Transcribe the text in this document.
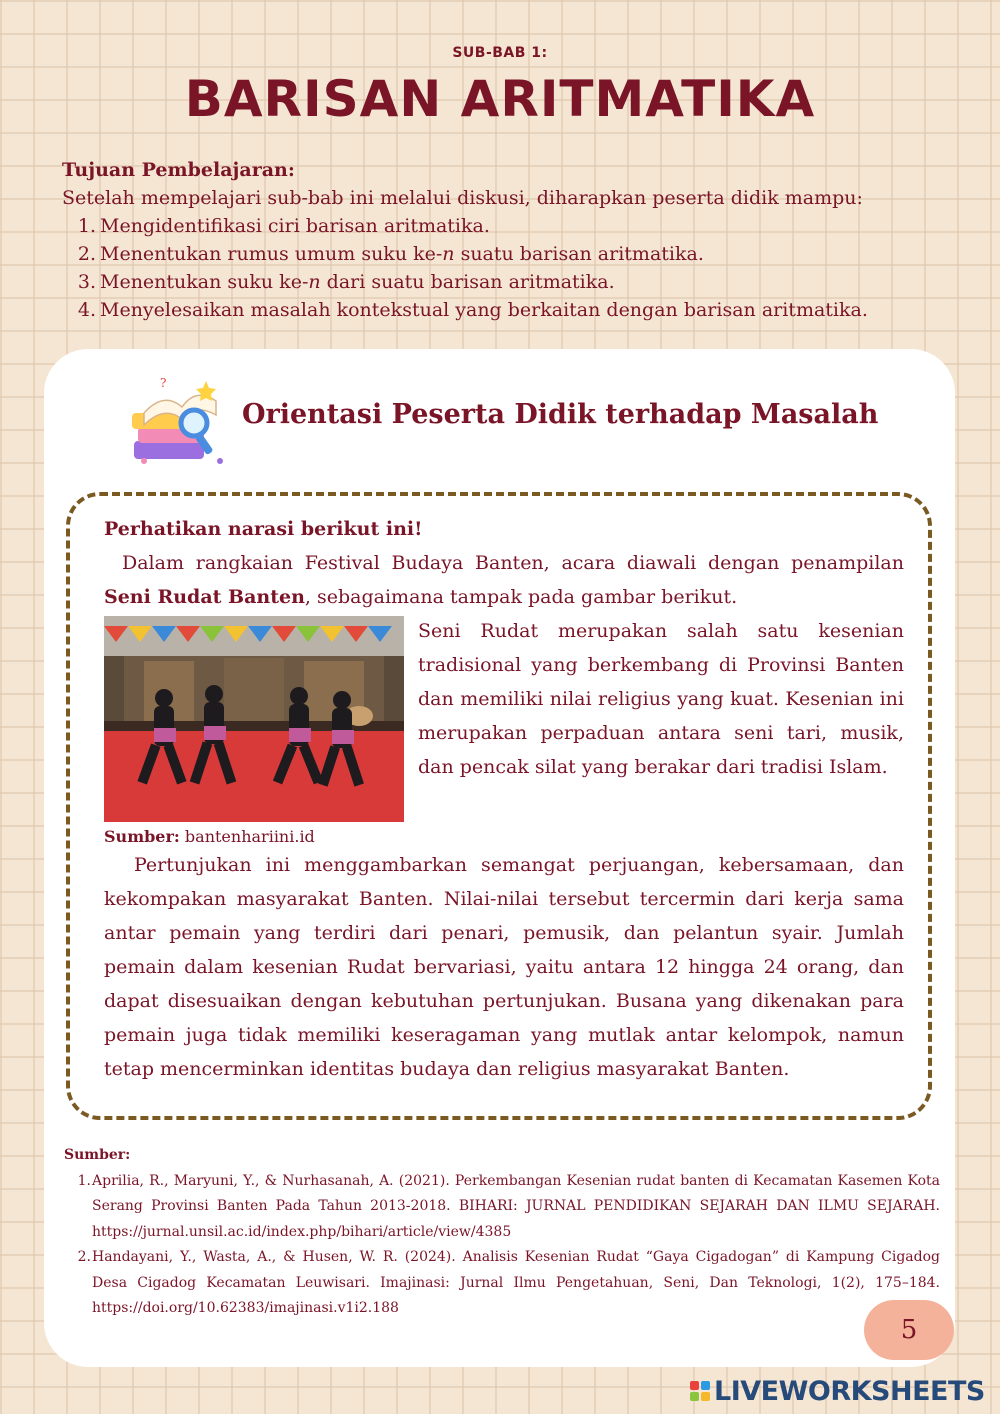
SUB-BAB 1:
BARISAN ARITMATIKA
Tujuan Pembelajaran:
Setelah mempelajari sub-bab ini melalui diskusi, diharapkan peserta didik mampu:
1. Mengidentifikasi ciri barisan aritmatika.
2. Menentukan rumus umum suku ke-n suatu barisan aritmatika.
3. Menentukan suku ke-n dari suatu barisan aritmatika.
4. Menyelesaikan masalah kontekstual yang berkaitan dengan barisan aritmatika.
?
Orientasi Peserta Didik terhadap Masalah

Perhatikan narasi berikut ini!

Dalam rangkaian Festival Budaya Banten, acara diawali dengan penampilan Seni Rudat Banten, sebagaimana tampak pada gambar berikut.

Seni Rudat merupakan salah satu kesenian tradisional yang berkembang di Provinsi Banten dan memiliki nilai religius yang kuat. Kesenian ini merupakan perpaduan antara seni tari, musik, dan pencak silat yang berakar dari tradisi Islam.

Sumber: bantenhariini.id

Pertunjukan ini menggambarkan semangat perjuangan, kebersamaan, dan kekompakan masyarakat Banten. Nilai-nilai tersebut tercermin dari kerja sama antar pemain yang terdiri dari penari, pemusik, dan pelantun syair. Jumlah pemain dalam kesenian Rudat bervariasi, yaitu antara 12 hingga 24 orang, dan dapat disesuaikan dengan kebutuhan pertunjukan. Busana yang dikenakan para pemain juga tidak memiliki keseragaman yang mutlak antar kelompok, namun tetap mencerminkan identitas budaya dan religius masyarakat Banten.

Sumber:
1. Aprilia, R., Maryuni, Y., & Nurhasanah, A. (2021). Perkembangan Kesenian rudat banten di Kecamatan Kasemen Kota Serang Provinsi Banten Pada Tahun 2013-2018. BIHARI: JURNAL PENDIDIKAN SEJARAH DAN ILMU SEJARAH. https://jurnal.unsil.ac.id/index.php/bihari/article/view/4385
2. Handayani, Y., Wasta, A., & Husen, W. R. (2024). Analisis Kesenian Rudat “Gaya Cigadogan” di Kampung Cigadog Desa Cigadog Kecamatan Leuwisari. Imajinasi: Jurnal Ilmu Pengetahuan, Seni, Dan Teknologi, 1(2), 175–184. https://doi.org/10.62383/imajinasi.v1i2.188
5
LIVEWORKSHEETS
